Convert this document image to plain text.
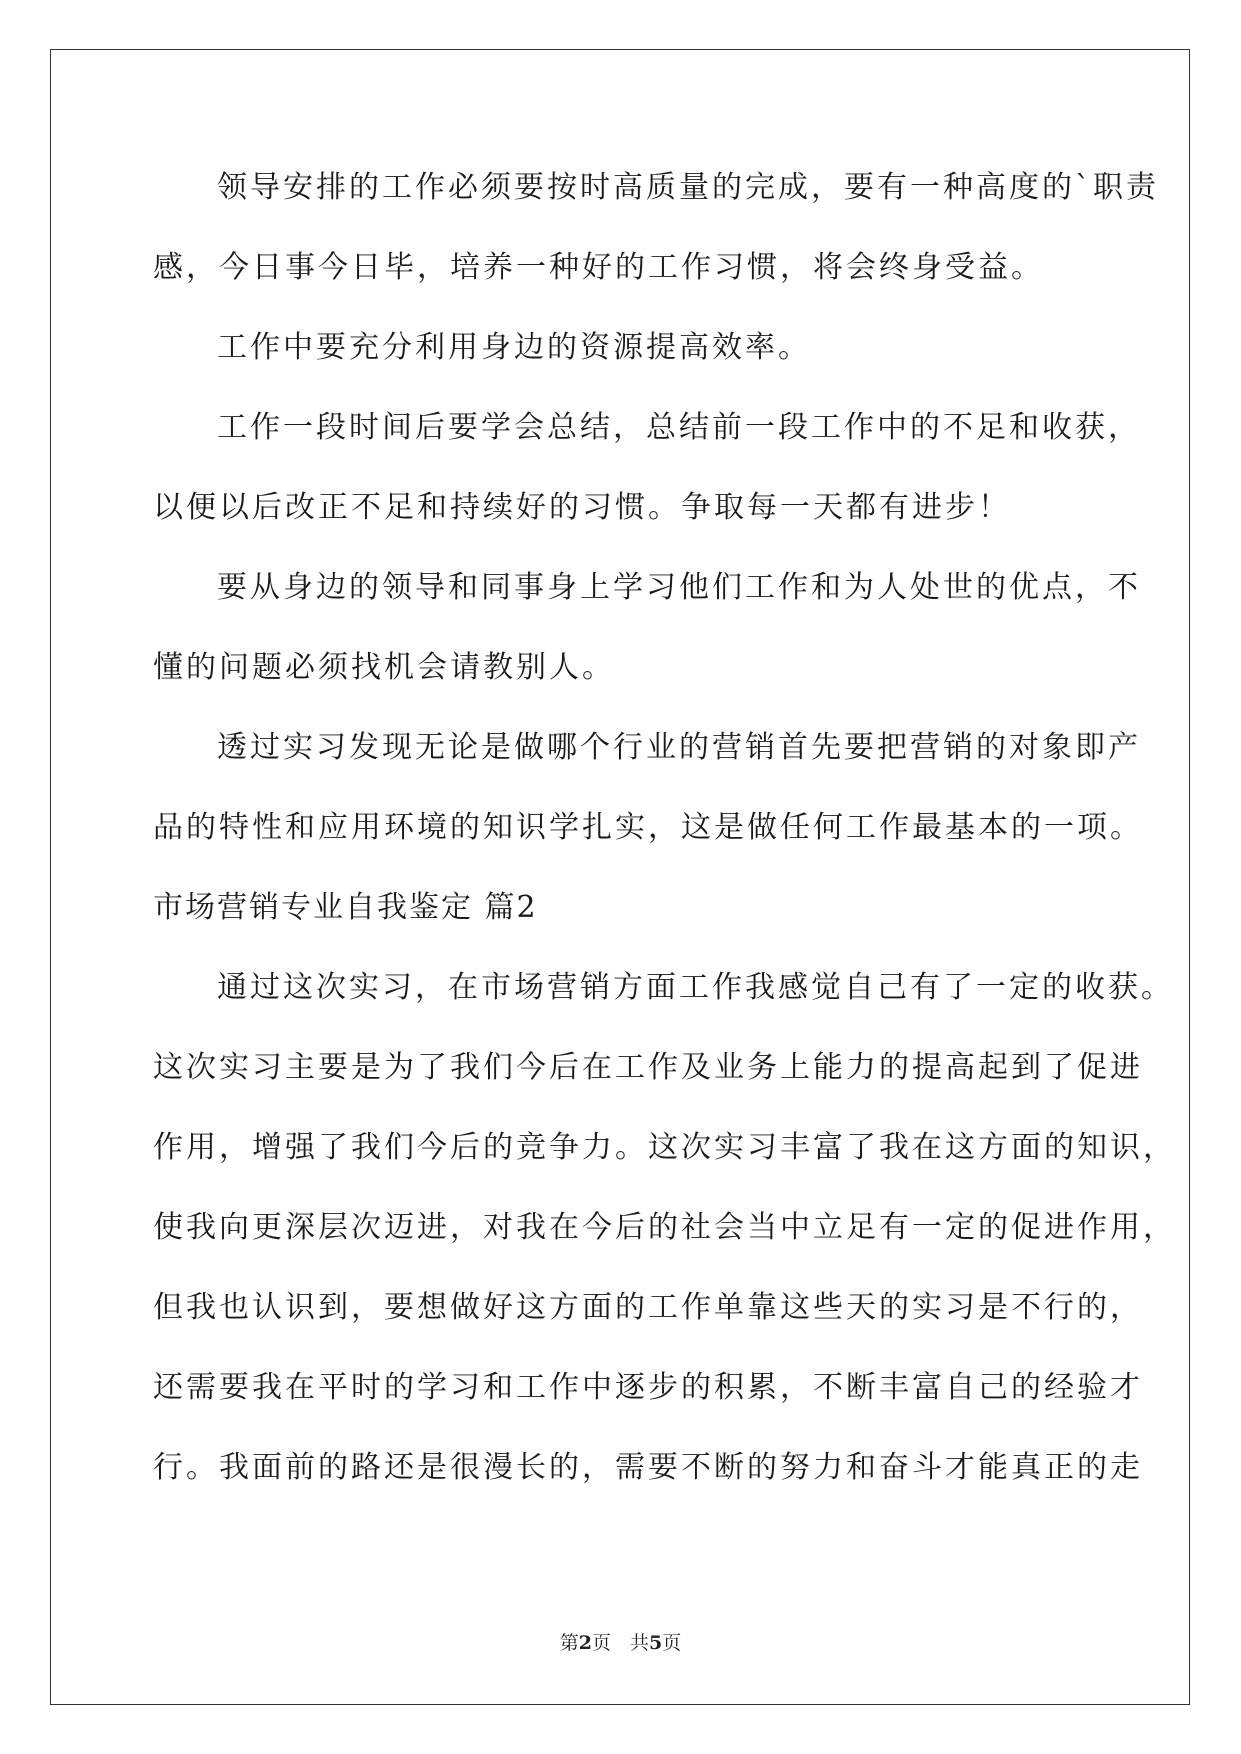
领导安排的工作必须要按时高质量的完成，要有一种高度的`职责
感，今日事今日毕，培养一种好的工作习惯，将会终身受益。
工作中要充分利用身边的资源提高效率。
工作一段时间后要学会总结，总结前一段工作中的不足和收获，
以便以后改正不足和持续好的习惯。争取每一天都有进步！
要从身边的领导和同事身上学习他们工作和为人处世的优点，不
懂的问题必须找机会请教别人。
透过实习发现无论是做哪个行业的营销首先要把营销的对象即产
品的特性和应用环境的知识学扎实，这是做任何工作最基本的一项。
市场营销专业自我鉴定 篇2
通过这次实习，在市场营销方面工作我感觉自己有了一定的收获。
这次实习主要是为了我们今后在工作及业务上能力的提高起到了促进
作用，增强了我们今后的竞争力。这次实习丰富了我在这方面的知识，
使我向更深层次迈进，对我在今后的社会当中立足有一定的促进作用，
但我也认识到，要想做好这方面的工作单靠这些天的实习是不行的，
还需要我在平时的学习和工作中逐步的积累，不断丰富自己的经验才
行。我面前的路还是很漫长的，需要不断的努力和奋斗才能真正的走
第2页　共5页
